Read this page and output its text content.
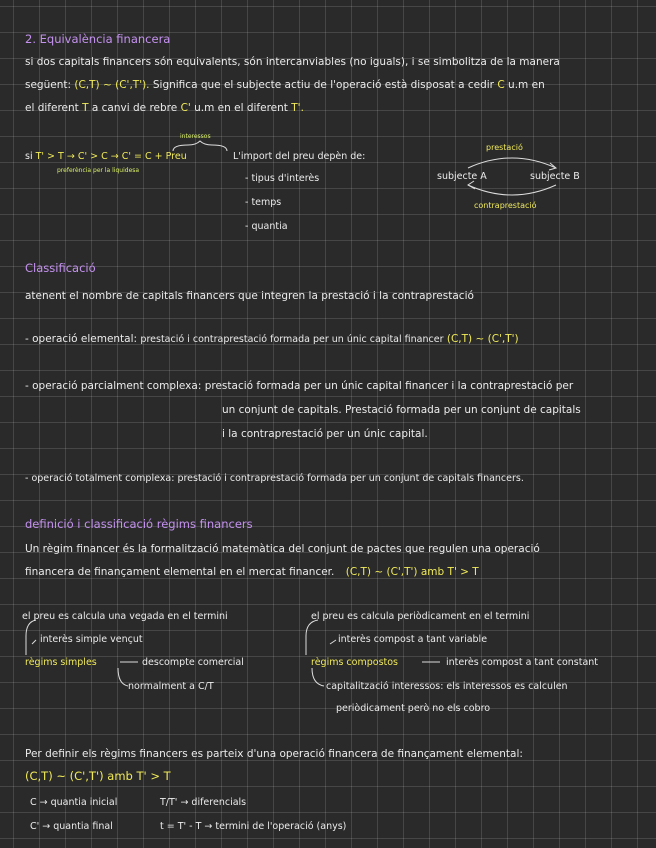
2. Equivalència financera
si dos capitals financers són equivalents, són intercanviables (no iguals), i se simbolitza de la manera
següent: (C,T) ~ (C',T'). Significa que el subjecte actiu de l'operació està disposat a cedir C u.m en
el diferent T a canvi de rebre C' u.m en el diferent T'.
interessos
si T' > T → C' > C → C' = C + Preu
preferència per la liquidesa
L'import del preu depèn de:
- tipus d'interès
- temps
- quantia
prestació
subjecte A	subjecte B
contraprestació
Classificació
atenent el nombre de capitals financers que integren la prestació i la contraprestació
- operació elemental: prestació i contraprestació formada per un únic capital financer (C,T) ~ (C',T')
- operació parcialment complexa: prestació formada per un únic capital financer i la contraprestació per
un conjunt de capitals. Prestació formada per un conjunt de capitals
i la contraprestació per un únic capital.
- operació totalment complexa: prestació i contraprestació formada per un conjunt de capitals financers.
definició i classificació règims financers
Un règim financer és la formalització matemàtica del conjunt de pactes que regulen una operació
financera de finançament elemental en el mercat financer. (C,T) ~ (C',T') amb T' > T
el preu es calcula una vegada en el termini
interès simple vençut
règims simples	descompte comercial
normalment a C/T
el preu es calcula periòdicament en el termini
interès compost a tant variable
règims compostos	interès compost a tant constant
capitalització interessos: els interessos es calculen
periòdicament però no els cobro
Per definir els règims financers es parteix d'una operació financera de finançament elemental:
(C,T) ~ (C',T') amb T' > T
C → quantia inicial	T/T' → diferencials
C' → quantia final	t = T' - T → termini de l'operació (anys)
